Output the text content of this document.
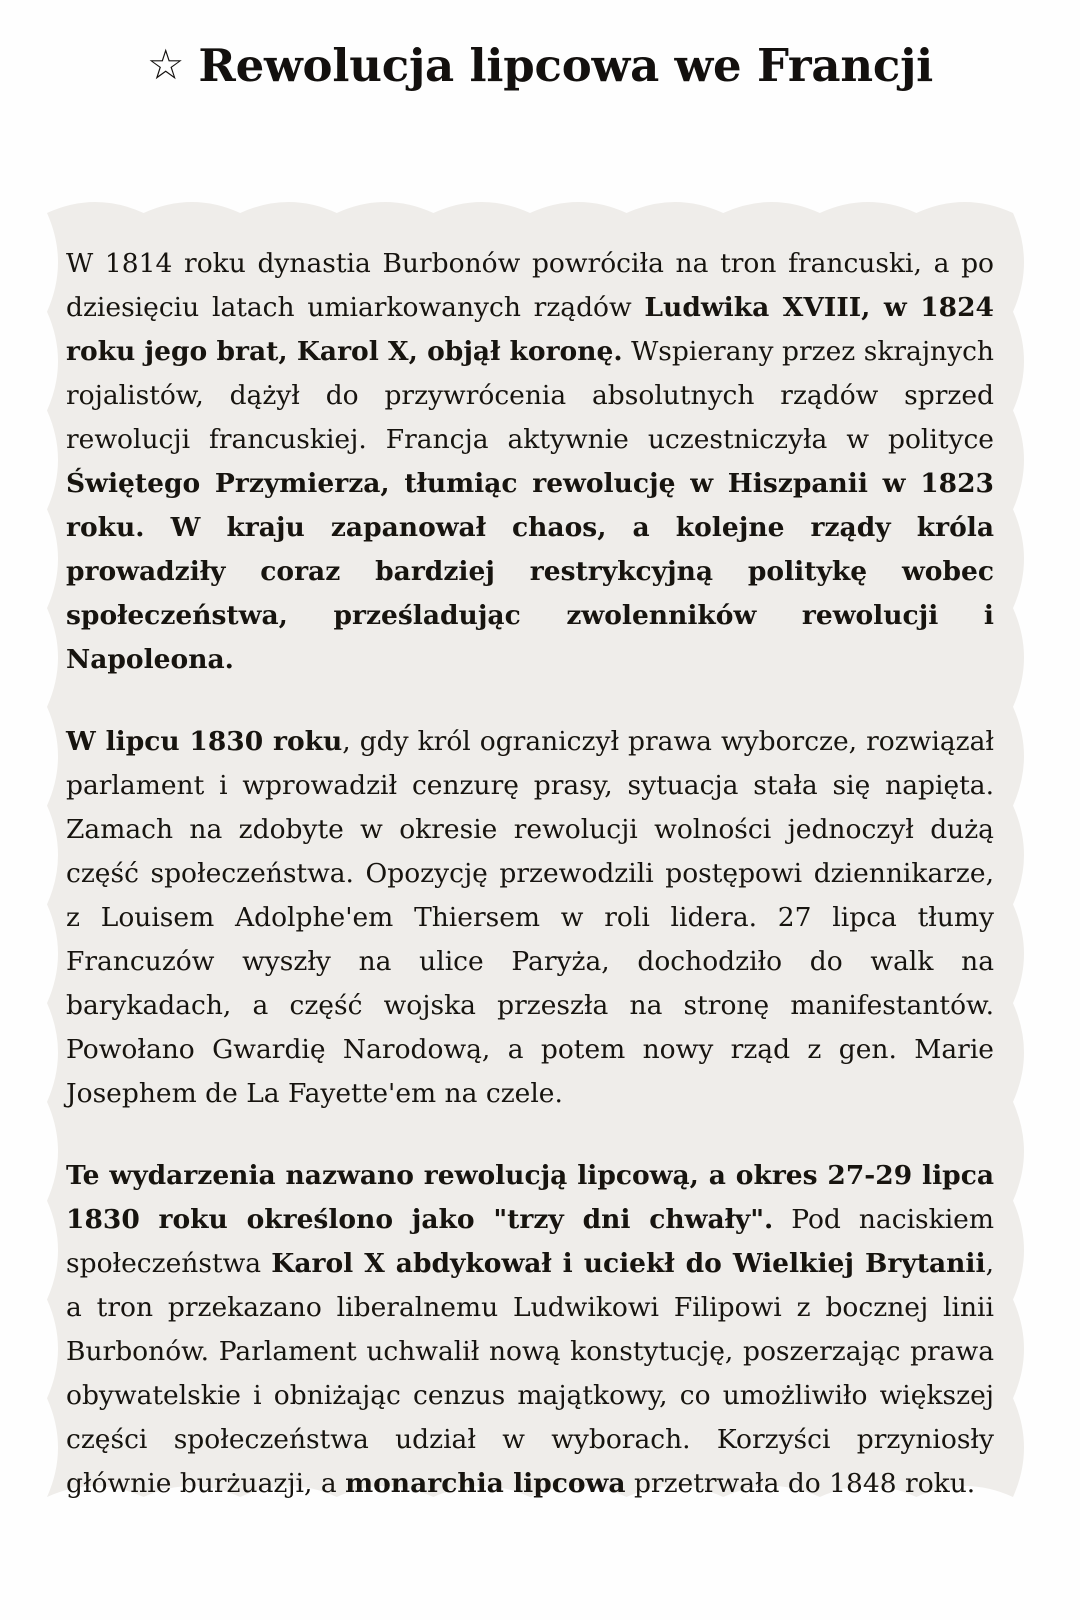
☆ Rewolucja lipcowa we Francji

W 1814 roku dynastia Burbonów powróciła na tron francuski, a po dziesięciu latach umiarkowanych rządów Ludwika XVIII, w 1824 roku jego brat, Karol X, objął koronę. Wspierany przez skrajnych rojalistów, dążył do przywrócenia absolutnych rządów sprzed rewolucji francuskiej. Francja aktywnie uczestniczyła w polityce Świętego Przymierza, tłumiąc rewolucję w Hiszpanii w 1823 roku. W kraju zapanował chaos, a kolejne rządy króla prowadziły coraz bardziej restrykcyjną politykę wobec społeczeństwa, prześladując zwolenników rewolucji i Napoleona.

W lipcu 1830 roku, gdy król ograniczył prawa wyborcze, rozwiązał parlament i wprowadził cenzurę prasy, sytuacja stała się napięta. Zamach na zdobyte w okresie rewolucji wolności jednoczył dużą część społeczeństwa. Opozycję przewodzili postępowi dziennikarze, z Louisem Adolphe'em Thiersem w roli lidera. 27 lipca tłumy Francuzów wyszły na ulice Paryża, dochodziło do walk na barykadach, a część wojska przeszła na stronę manifestantów. Powołano Gwardię Narodową, a potem nowy rząd z gen. Marie Josephem de La Fayette'em na czele.

Te wydarzenia nazwano rewolucją lipcową, a okres 27-29 lipca 1830 roku określono jako "trzy dni chwały". Pod naciskiem społeczeństwa Karol X abdykował i uciekł do Wielkiej Brytanii, a tron przekazano liberalnemu Ludwikowi Filipowi z bocznej linii Burbonów. Parlament uchwalił nową konstytucję, poszerzając prawa obywatelskie i obniżając cenzus majątkowy, co umożliwiło większej części społeczeństwa udział w wyborach. Korzyści przyniosły głównie burżuazji, a monarchia lipcowa przetrwała do 1848 roku.
